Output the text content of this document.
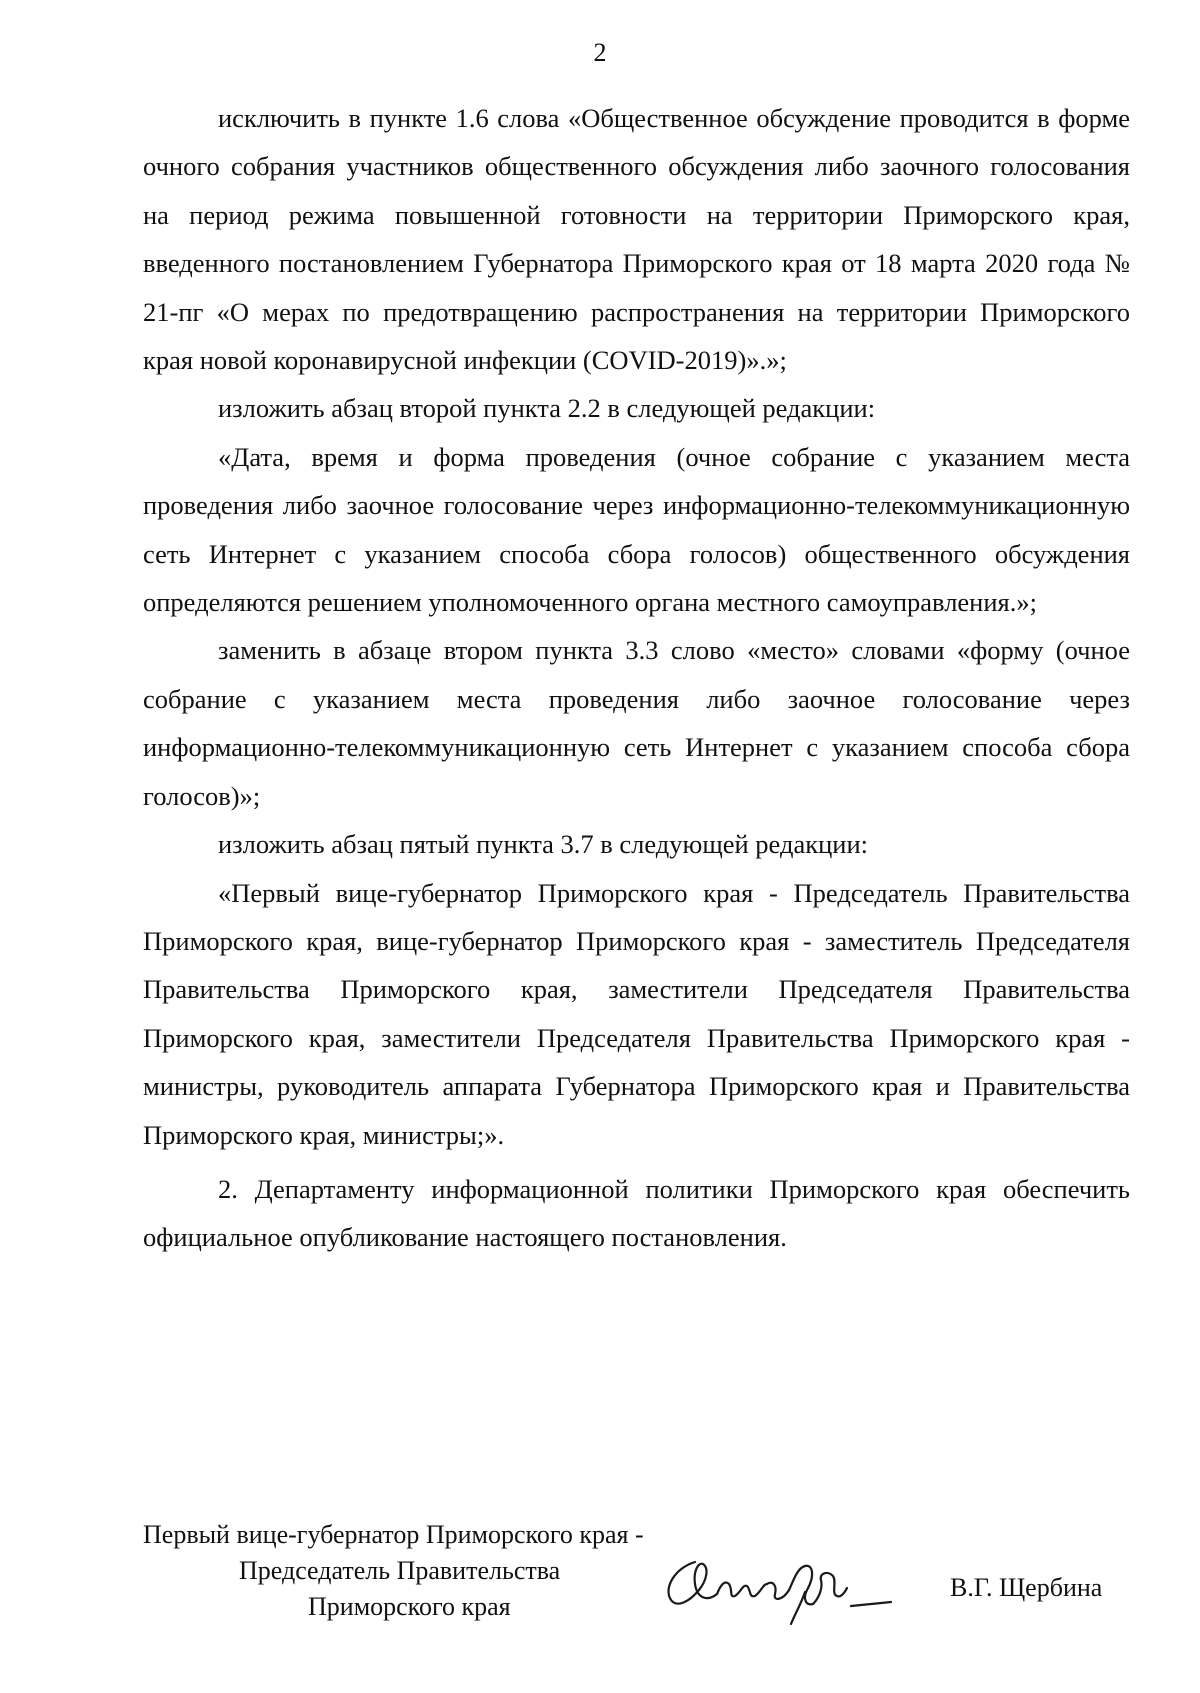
2

исключить в пункте 1.6 слова «Общественное обсуждение проводится в форме очного собрания участников общественного обсуждения либо заочного голосования на период режима повышенной готовности на территории Приморского края, введенного постановлением Губернатора Приморского края от 18 марта 2020 года № 21-пг «О мерах по предотвращению распространения на территории Приморского края новой коронавирусной инфекции (COVID-2019)».»;

изложить абзац второй пункта 2.2 в следующей редакции:

«Дата, время и форма проведения (очное собрание с указанием места проведения либо заочное голосование через информационно-телекоммуникационную сеть Интернет с указанием способа сбора голосов) общественного обсуждения определяются решением уполномоченного органа местного самоуправления.»;

заменить в абзаце втором пункта 3.3 слово «место» словами «форму (очное собрание с указанием места проведения либо заочное голосование через информационно-телекоммуникационную сеть Интернет с указанием способа сбора голосов)»;

изложить абзац пятый пункта 3.7 в следующей редакции:

«Первый вице-губернатор Приморского края - Председатель Правительства Приморского края, вице-губернатор Приморского края - заместитель Председателя Правительства Приморского края, заместители Председателя Правительства Приморского края, заместители Председателя Правительства Приморского края - министры, руководитель аппарата Губернатора Приморского края и Правительства Приморского края, министры;».

2. Департаменту информационной политики Приморского края обеспечить официальное опубликование настоящего постановления.

Первый вице-губернатор Приморского края -
Председатель Правительства
Приморского края
В.Г. Щербина
